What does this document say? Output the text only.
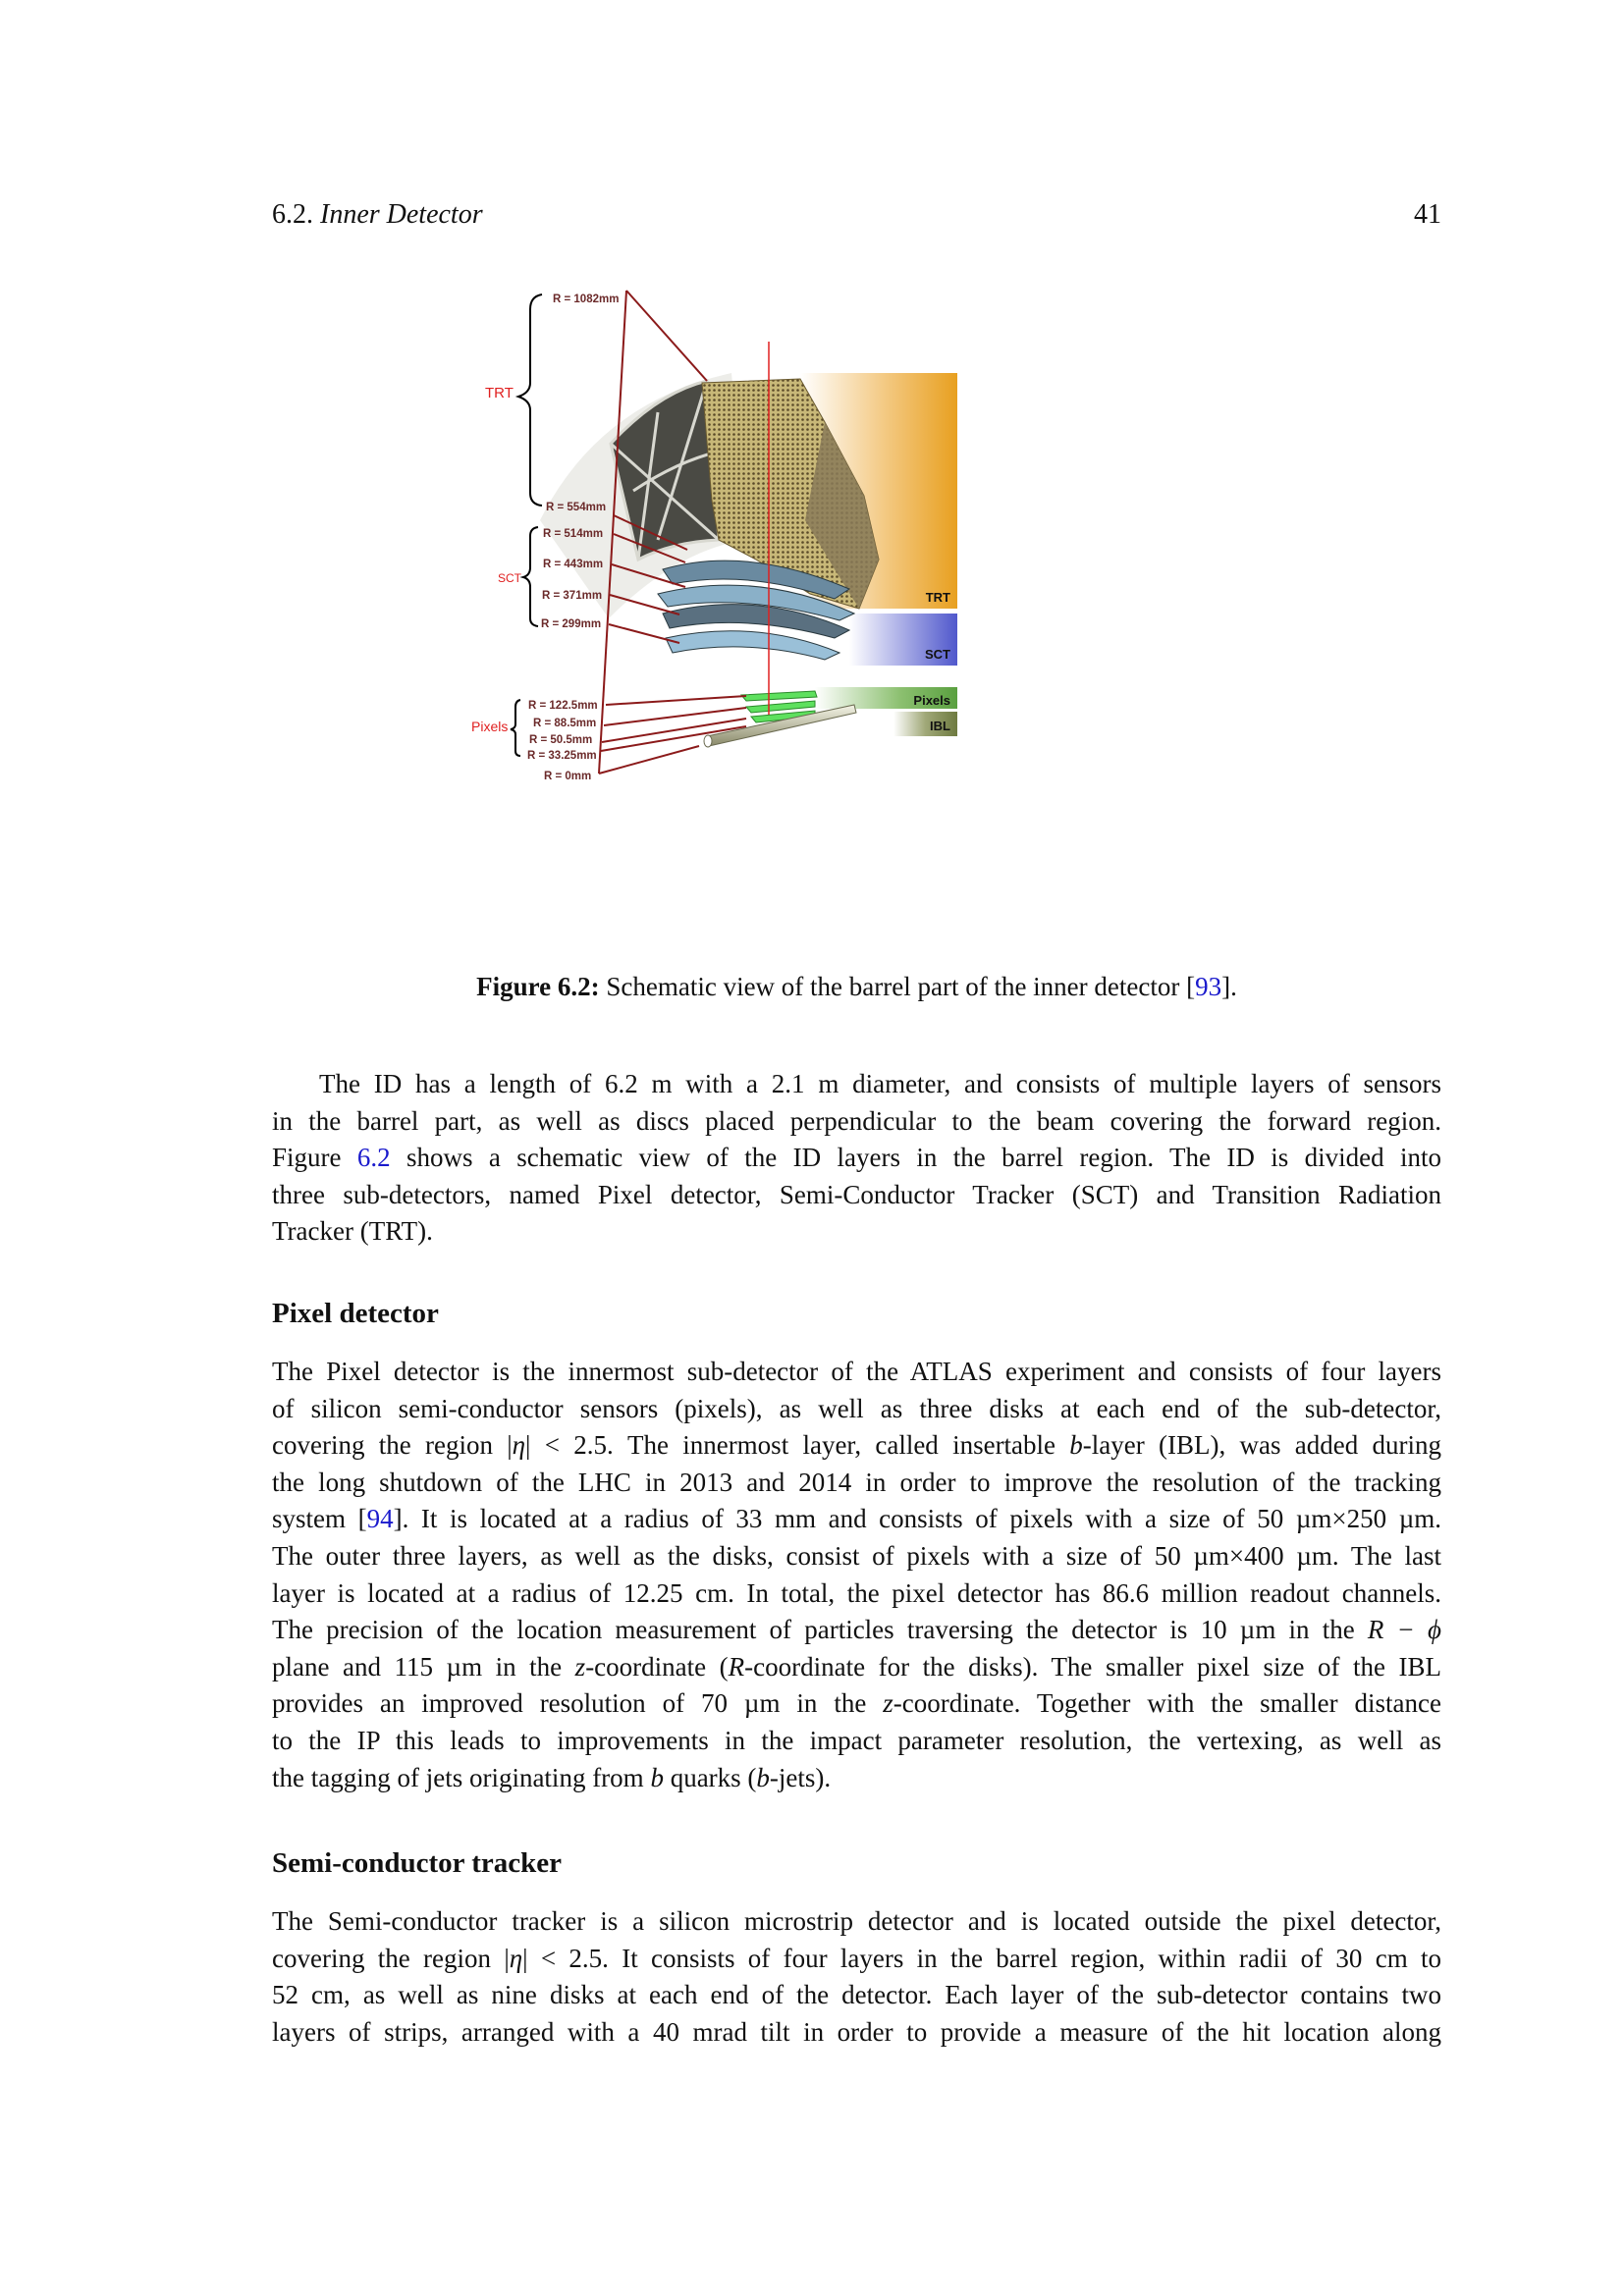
6.2. Inner Detector	41
R = 1082mm
R = 554mm
R = 514mm
R = 443mm
R = 371mm
R = 299mm
R = 122.5mm
R = 88.5mm
R = 50.5mm
R = 33.25mm
R = 0mm
TRT
SCT
Pixels
TRT
SCT
Pixels
IBL
Figure 6.2: Schematic view of the barrel part of the inner detector [93].
The ID has a length of 6.2 m with a 2.1 m diameter, and consists of multiple layers of sensors
in the barrel part, as well as discs placed perpendicular to the beam covering the forward region.
Figure 6.2 shows a schematic view of the ID layers in the barrel region. The ID is divided into
three sub-detectors, named Pixel detector, Semi-Conductor Tracker (SCT) and Transition Radiation
Tracker (TRT).
Pixel detector
The Pixel detector is the innermost sub-detector of the ATLAS experiment and consists of four layers
of silicon semi-conductor sensors (pixels), as well as three disks at each end of the sub-detector,
covering the region |η| < 2.5. The innermost layer, called insertable b-layer (IBL), was added during
the long shutdown of the LHC in 2013 and 2014 in order to improve the resolution of the tracking
system [94]. It is located at a radius of 33 mm and consists of pixels with a size of 50 µm×250 µm.
The outer three layers, as well as the disks, consist of pixels with a size of 50 µm×400 µm. The last
layer is located at a radius of 12.25 cm. In total, the pixel detector has 86.6 million readout channels.
The precision of the location measurement of particles traversing the detector is 10 µm in the R − ϕ
plane and 115 µm in the z-coordinate (R-coordinate for the disks). The smaller pixel size of the IBL
provides an improved resolution of 70 µm in the z-coordinate. Together with the smaller distance
to the IP this leads to improvements in the impact parameter resolution, the vertexing, as well as
the tagging of jets originating from b quarks (b-jets).
Semi-conductor tracker
The Semi-conductor tracker is a silicon microstrip detector and is located outside the pixel detector,
covering the region |η| < 2.5. It consists of four layers in the barrel region, within radii of 30 cm to
52 cm, as well as nine disks at each end of the detector. Each layer of the sub-detector contains two
layers of strips, arranged with a 40 mrad tilt in order to provide a measure of the hit location along
